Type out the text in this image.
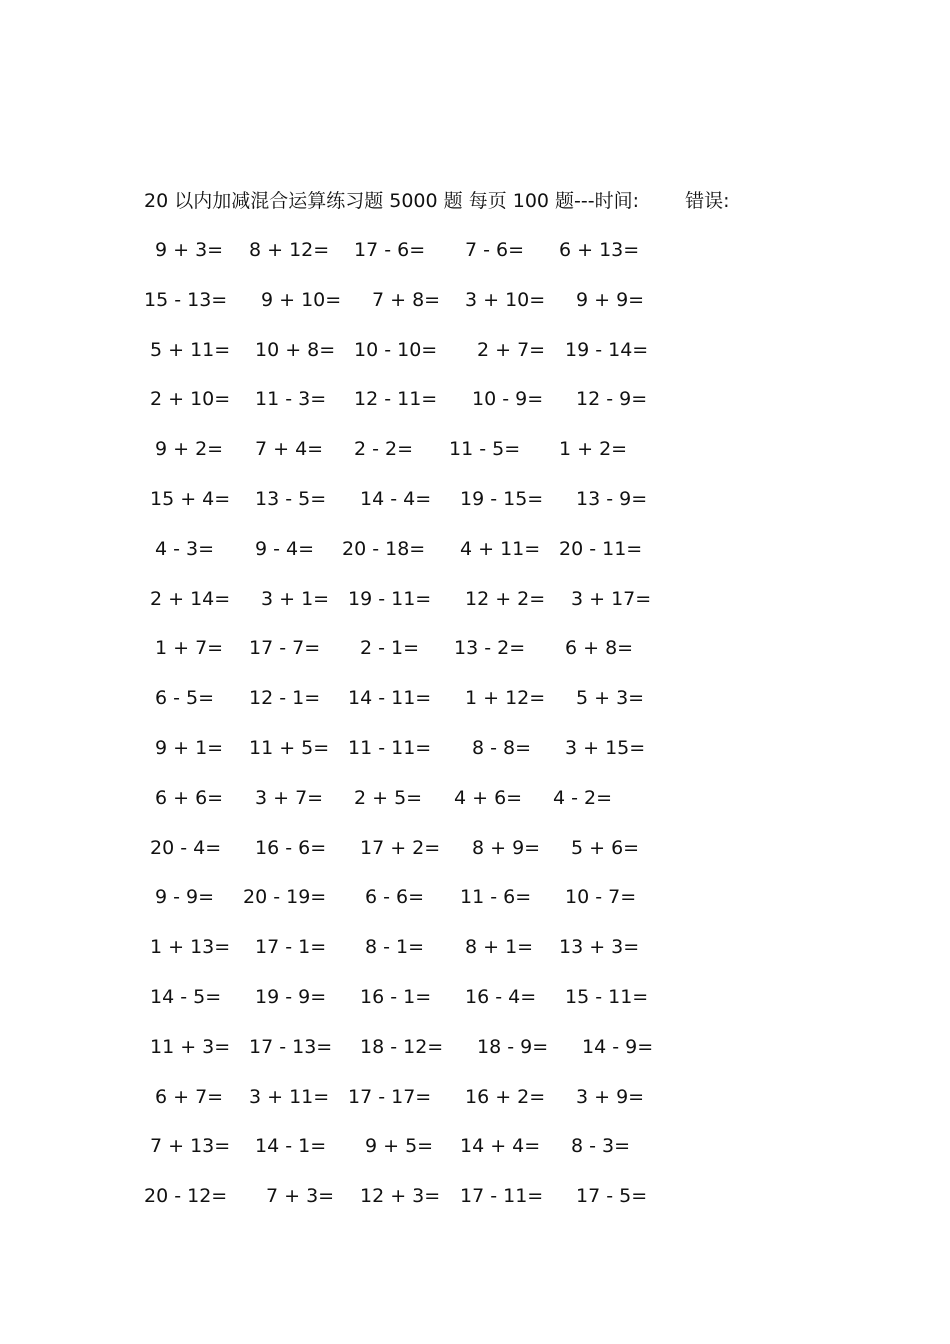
20 以内加减混合运算练习题 5000 题 每页 100 题---时间: 错误:
9 + 3= 8 + 12= 17 - 6= 7 - 6= 6 + 13=
15 - 13= 9 + 10= 7 + 8= 3 + 10= 9 + 9=
5 + 11= 10 + 8= 10 - 10= 2 + 7= 19 - 14=
2 + 10= 11 - 3= 12 - 11= 10 - 9= 12 - 9=
9 + 2= 7 + 4= 2 - 2= 11 - 5= 1 + 2=
15 + 4= 13 - 5= 14 - 4= 19 - 15= 13 - 9=
4 - 3= 9 - 4= 20 - 18= 4 + 11= 20 - 11=
2 + 14= 3 + 1= 19 - 11= 12 + 2= 3 + 17=
1 + 7= 17 - 7= 2 - 1= 13 - 2= 6 + 8=
6 - 5= 12 - 1= 14 - 11= 1 + 12= 5 + 3=
9 + 1= 11 + 5= 11 - 11= 8 - 8= 3 + 15=
6 + 6= 3 + 7= 2 + 5= 4 + 6= 4 - 2=
20 - 4= 16 - 6= 17 + 2= 8 + 9= 5 + 6=
9 - 9= 20 - 19= 6 - 6= 11 - 6= 10 - 7=
1 + 13= 17 - 1= 8 - 1= 8 + 1= 13 + 3=
14 - 5= 19 - 9= 16 - 1= 16 - 4= 15 - 11=
11 + 3= 17 - 13= 18 - 12= 18 - 9= 14 - 9=
6 + 7= 3 + 11= 17 - 17= 16 + 2= 3 + 9=
7 + 13= 14 - 1= 9 + 5= 14 + 4= 8 - 3=
20 - 12= 7 + 3= 12 + 3= 17 - 11= 17 - 5=
